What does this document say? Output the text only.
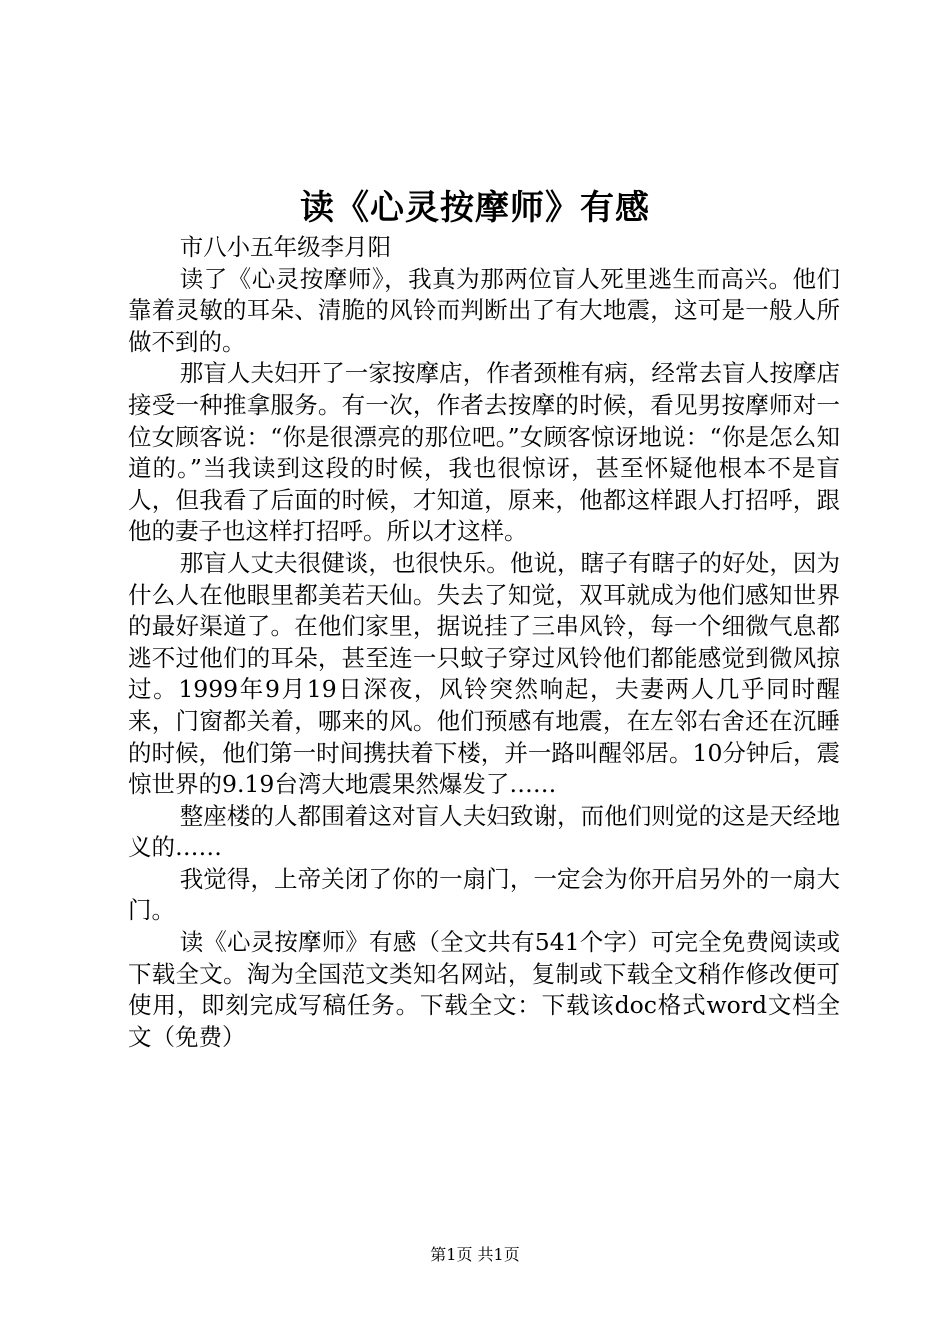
读《心灵按摩师》有感

市八小五年级李月阳

读了《心灵按摩师》，我真为那两位盲人死里逃生而高兴。他们靠着灵敏的耳朵、清脆的风铃而判断出了有大地震，这可是一般人所做不到的。

那盲人夫妇开了一家按摩店，作者颈椎有病，经常去盲人按摩店接受一种推拿服务。有一次，作者去按摩的时候，看见男按摩师对一位女顾客说：“你是很漂亮的那位吧。”女顾客惊讶地说：“你是怎么知道的。”当我读到这段的时候，我也很惊讶，甚至怀疑他根本不是盲人，但我看了后面的时候，才知道，原来，他都这样跟人打招呼，跟他的妻子也这样打招呼。所以才这样。

那盲人丈夫很健谈，也很快乐。他说，瞎子有瞎子的好处，因为什么人在他眼里都美若天仙。失去了知觉，双耳就成为他们感知世界的最好渠道了。在他们家里，据说挂了三串风铃，每一个细微气息都逃不过他们的耳朵，甚至连一只蚊子穿过风铃他们都能感觉到微风掠过。1999年9月19日深夜，风铃突然响起，夫妻两人几乎同时醒来，门窗都关着，哪来的风。他们预感有地震，在左邻右舍还在沉睡的时候，他们第一时间携扶着下楼，并一路叫醒邻居。10分钟后，震惊世界的9.19台湾大地震果然爆发了……

整座楼的人都围着这对盲人夫妇致谢，而他们则觉的这是天经地义的……

我觉得，上帝关闭了你的一扇门，一定会为你开启另外的一扇大门。

读《心灵按摩师》有感（全文共有541个字）可完全免费阅读或下载全文。淘为全国范文类知名网站，复制或下载全文稍作修改便可使用，即刻完成写稿任务。下载全文：下载该doc格式word文档全文（免费）

第1页 共1页
